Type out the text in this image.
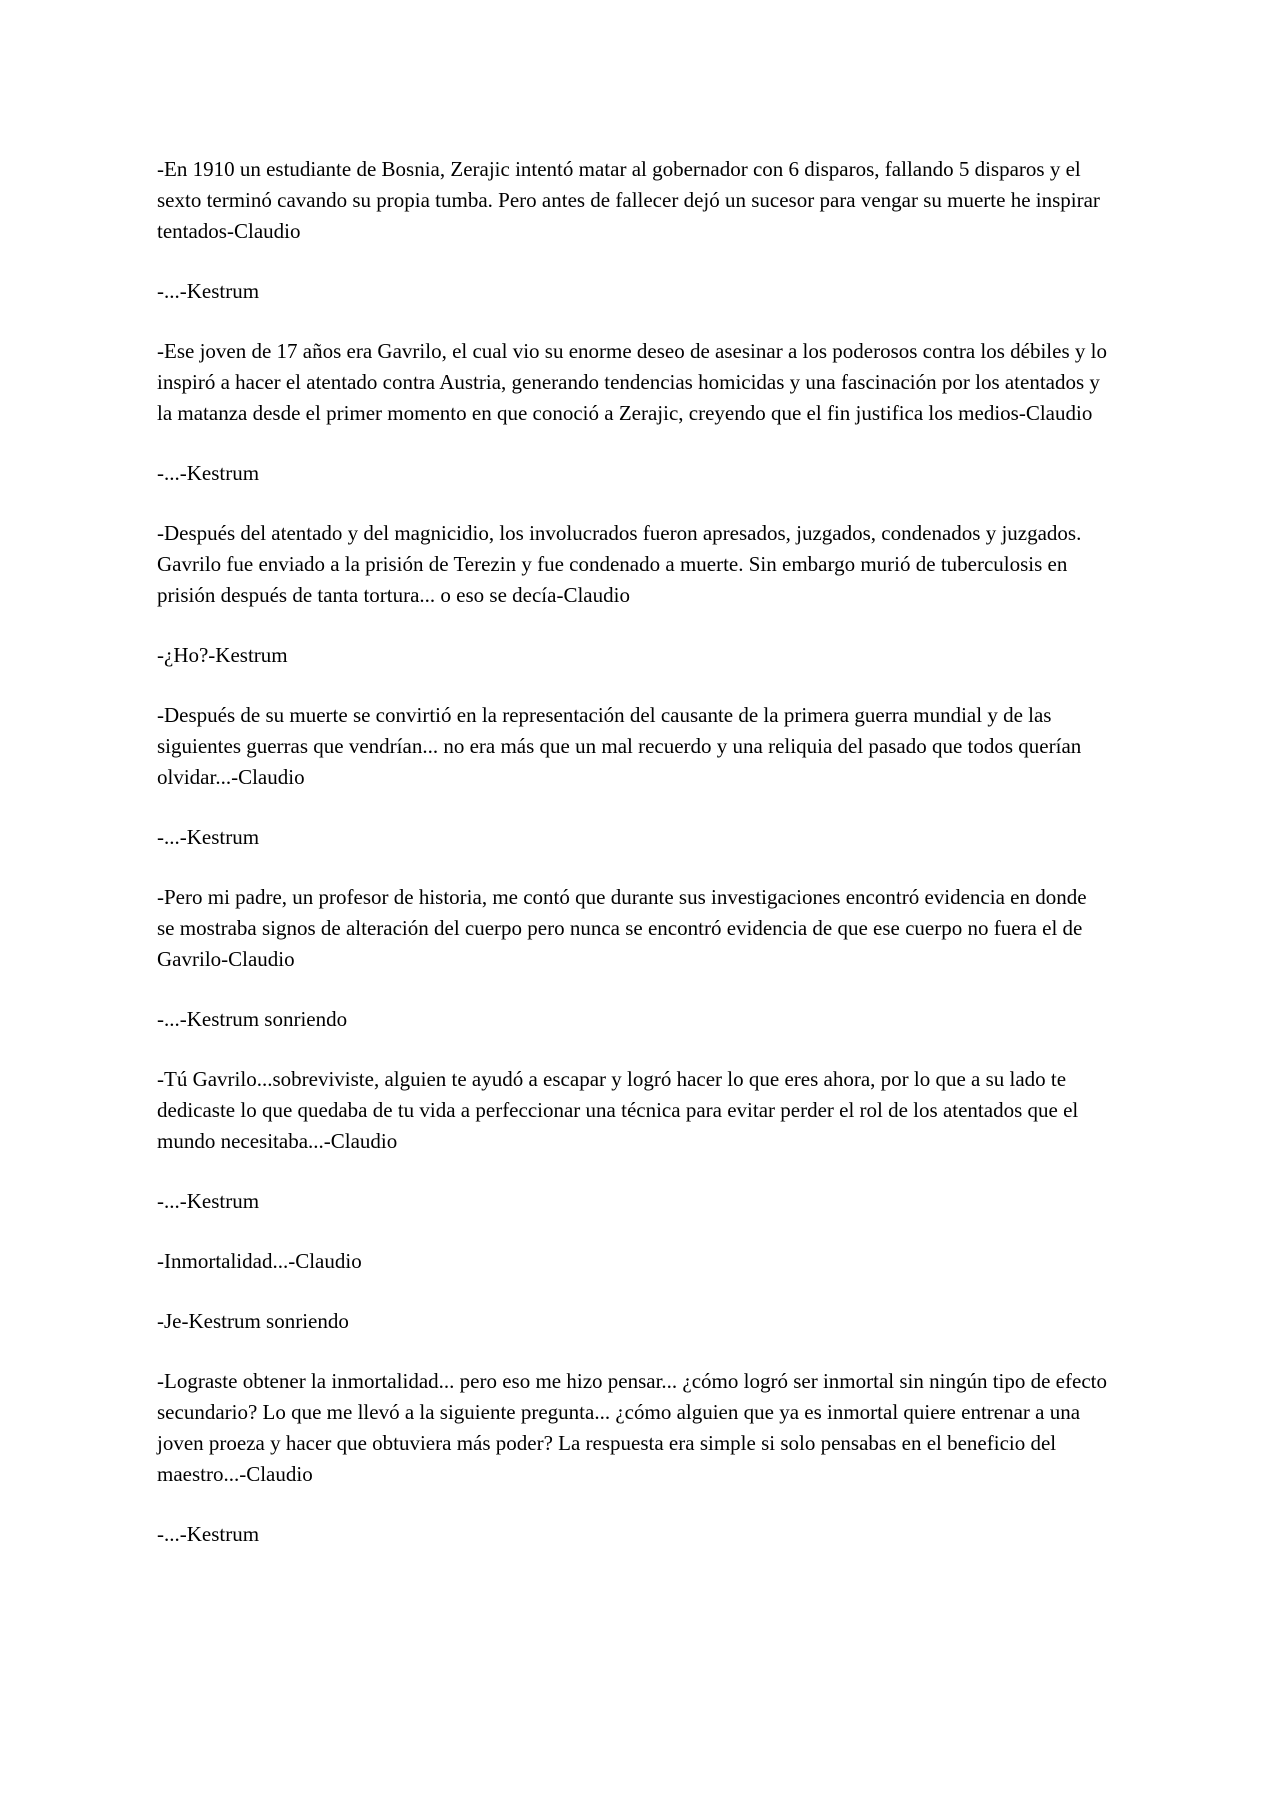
-En 1910 un estudiante de Bosnia, Zerajic intentó matar al gobernador con 6 disparos, fallando 5 disparos y el sexto terminó cavando su propia tumba. Pero antes de fallecer dejó un sucesor para vengar su muerte he inspirar tentados-Claudio

-...-Kestrum

-Ese joven de 17 años era Gavrilo, el cual vio su enorme deseo de asesinar a los poderosos contra los débiles y lo inspiró a hacer el atentado contra Austria, generando tendencias homicidas y una fascinación por los atentados y la matanza desde el primer momento en que conoció a Zerajic, creyendo que el fin justifica los medios-Claudio

-...-Kestrum

-Después del atentado y del magnicidio, los involucrados fueron apresados, juzgados, condenados y juzgados. Gavrilo fue enviado a la prisión de Terezin y fue condenado a muerte. Sin embargo murió de tuberculosis en prisión después de tanta tortura... o eso se decía-Claudio

-¿Ho?-Kestrum

-Después de su muerte se convirtió en la representación del causante de la primera guerra mundial y de las siguientes guerras que vendrían... no era más que un mal recuerdo y una reliquia del pasado que todos querían olvidar...-Claudio

-...-Kestrum

-Pero mi padre, un profesor de historia, me contó que durante sus investigaciones encontró evidencia en donde se mostraba signos de alteración del cuerpo pero nunca se encontró evidencia de que ese cuerpo no fuera el de Gavrilo-Claudio

-...-Kestrum sonriendo

-Tú Gavrilo...sobreviviste, alguien te ayudó a escapar y logró hacer lo que eres ahora, por lo que a su lado te dedicaste lo que quedaba de tu vida a perfeccionar una técnica para evitar perder el rol de los atentados que el mundo necesitaba...-Claudio

-...-Kestrum

-Inmortalidad...-Claudio

-Je-Kestrum sonriendo

-Lograste obtener la inmortalidad... pero eso me hizo pensar... ¿cómo logró ser inmortal sin ningún tipo de efecto secundario? Lo que me llevó a la siguiente pregunta... ¿cómo alguien que ya es inmortal quiere entrenar a una joven proeza y hacer que obtuviera más poder? La respuesta era simple si solo pensabas en el beneficio del maestro...-Claudio

-...-Kestrum
